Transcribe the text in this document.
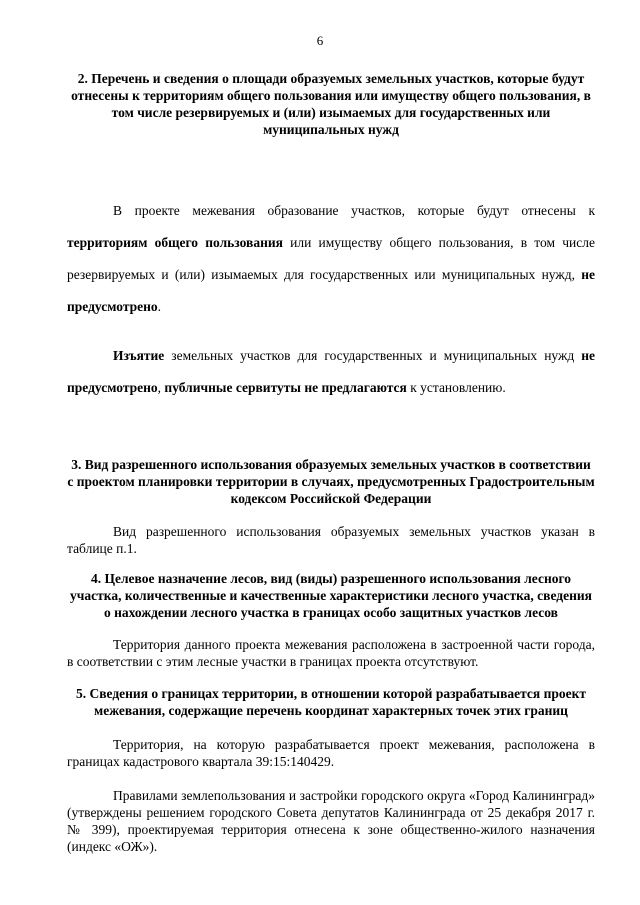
6
2. Перечень и сведения о площади образуемых земельных участков, которые будут отнесены к территориям общего пользования или имуществу общего пользования, в том числе резервируемых и (или) изымаемых для государственных или муниципальных нужд

В проекте межевания образование участков, которые будут отнесены к территориям общего пользования или имуществу общего пользования, в том числе резервируемых и (или) изымаемых для государственных или муниципальных нужд, не предусмотрено.

Изъятие земельных участков для государственных и муниципальных нужд не предусмотрено, публичные сервитуты не предлагаются к установлению.

3. Вид разрешенного использования образуемых земельных участков в соответствии с проектом планировки территории в случаях, предусмотренных Градостроительным кодексом Российской Федерации

Вид разрешенного использования образуемых земельных участков указан в таблице п.1.

4. Целевое назначение лесов, вид (виды) разрешенного использования лесного участка, количественные и качественные характеристики лесного участка, сведения о нахождении лесного участка в границах особо защитных участков лесов

Территория данного проекта межевания расположена в застроенной части города, в соответствии с этим лесные участки в границах проекта отсутствуют.

5. Сведения о границах территории, в отношении которой разрабатывается проект межевания, содержащие перечень координат характерных точек этих границ

Территория, на которую разрабатывается проект межевания, расположена в границах кадастрового квартала 39:15:140429.

Правилами землепользования и застройки городского округа «Город Калининград» (утверждены решением городского Совета депутатов Калининграда от 25 декабря 2017 г. № 399), проектируемая территория отнесена к зоне общественно-жилого назначения (индекс «ОЖ»).
